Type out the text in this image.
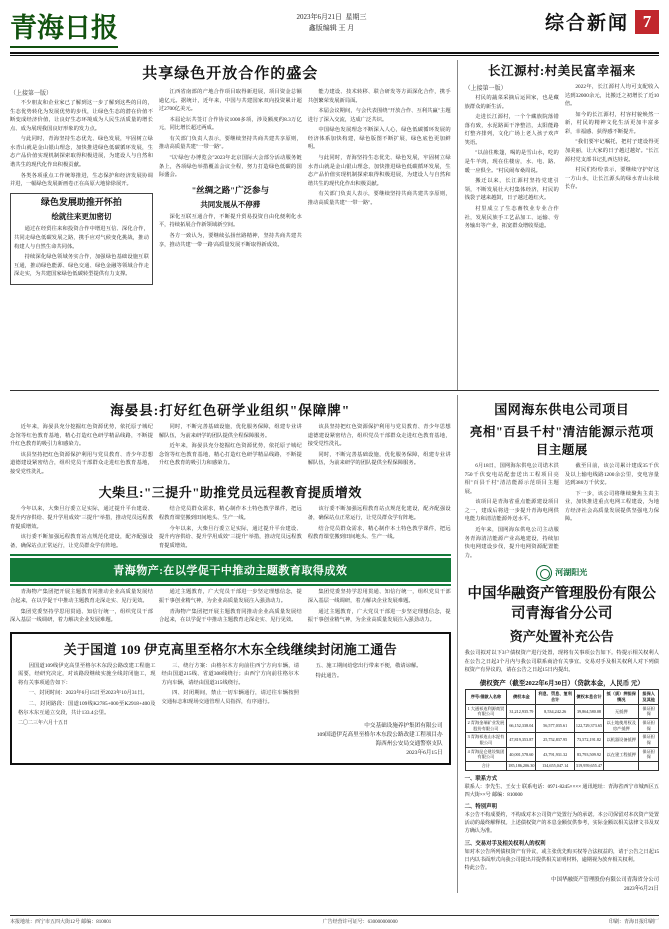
青海日报	2023年6月21日 星期三
鑫版编辑 王 月	综合新闻 7
共享绿色开放合作的盛会
（上接第一版）

不少朋友和企业家已了解到这一步了解到这些的目的，生态优势转化为发展优势的步伐，让绿色生态的潜在价值不断变成经济价值，让良好生态环境成为人民生活质量的增长点、成为展现我国良好形象的发力点。

与此同时，青海坚持生态优先、绿色发展，牢固树立绿水青山就是金山银山理念，加快推进绿色低碳循环发展，生态产品价值实现机制探索取得积极进展，为建设人与自然和谐共生的现代化作出积极贡献。

各类各项重点工作统筹推进，生态保护和经济发展协调并进，一幅绿色发展新画卷正在高原大地徐徐展开。

绿色发展助推开怀拍
绘就往来更加密切

通过在经贸往来和投资合作中增进互信、深化合作，共同走绿色低碳发展之路，携手应对气候变化挑战，推动构建人与自然生命共同体。

持续深化绿色领域务实合作，加强绿色基础设施互联互通，推动绿色能源、绿色交通、绿色金融等领域合作走深走实，为共建国家绿色低碳转型提供有力支撑。

江西省南部的产地合作项目取得新进展，项目资金总额逾亿元。据统计，近年来，中国与共建国家双向投资累计超过2700亿美元。

本届论坛共签订合作协议1000多项，涉及额度约8.3万亿元，同比增长超过两成。

有关部门负责人表示，要继续坚持共商共建共享原则，推动高质量共建"一带一路"。

"以'绿色'办博览会"2023年北京国际大会部分活动服务链条上，各项绿色举措覆盖会议全程，努力打造绿色低碳的国际盛会。

"丝绸之路"广泛参与
共同发展从不停滞

深化互联互通合作，不断提升贸易投资自由化便利化水平，持续拓展合作新领域新空间。

各方一致认为，要继续弘扬丝路精神，坚持共商共建共享，推动共建'一带一路'高质量发展不断取得新成效。

能力建设、技术转移、联合研发等方面深化合作，携手共创繁荣发展新局面。

本届会议期间，与会代表围绕"开放合作、互利共赢"主题进行了深入交流，达成广泛共识。

中国绿色发展理念不断深入人心，绿色低碳循环发展的经济体系加快构建，绿色版图不断扩展，绿色底色更加鲜明。

与此同时，青海坚持生态优先、绿色发展，牢固树立绿水青山就是金山银山理念，加快推进绿色低碳循环发展，生态产品价值实现机制探索取得积极进展，为建设人与自然和谐共生的现代化作出积极贡献。

有关部门负责人表示，要继续坚持共商共建共享原则，推动高质量共建"一带一路"。

长江源村:村美民富幸福来
（上接第一版）

村民的蔬菜采摘后运回家，也是藏族群众的新生活。

走进长江源村，一个个藏族院落错落有致，水泥路面干净整洁，太阳能路灯整齐排列，文化广场上老人孩子欢声笑语。

"以前住帐篷，喝的是雪山水，吃的是牛羊肉，现在住楼房，水、电、路、暖一应俱全。"村民闹布桑周说。

搬迁以来，长江源村坚持党建引领，不断发展壮大村集体经济，村民的钱袋子越来越鼓，日子越过越红火。

村里成立了生态畜牧业专业合作社，发展民族手工艺品加工、运输、劳务输出等产业，拓宽群众增收渠道。

2022年，长江源村人均可支配收入达到32000余元，比搬迁之初增长了近10倍。

如今的长江源村，村容村貌焕然一新，村民的精神文化生活更加丰富多彩，幸福感、获得感不断提升。

"我们要牢记嘱托，把村子建设得更加美丽，让大家的日子越过越好。"长江源村党支部书记扎西达娃说。

村民们纷纷表示，要继续守护好这一方山水，让长江源头的绿水青山永续长存。

海晏县:打好红色研学业组织"保障牌"

近年来，海晏县充分挖掘红色资源优势，依托原子城纪念馆等红色教育基地，精心打造红色研学精品线路，不断提升红色教育的吸引力和感染力。

该县坚持把红色资源保护利用与党员教育、青少年思想道德建设紧密结合，组织党员干部群众走进红色教育基地，接受党性洗礼。

同时，不断完善基础设施，优化服务保障，组建专业讲解队伍，为前来研学的团队提供全程保障服务。

近年来，海晏县充分挖掘红色资源优势，依托原子城纪念馆等红色教育基地，精心打造红色研学精品线路，不断提升红色教育的吸引力和感染力。

该县坚持把红色资源保护利用与党员教育、青少年思想道德建设紧密结合，组织党员干部群众走进红色教育基地，接受党性洗礼。

同时，不断完善基础设施，优化服务保障，组建专业讲解队伍，为前来研学的团队提供全程保障服务。

大柴旦:"三提升"助推党员远程教育提质增效

今年以来，大柴旦行委立足实际，通过提升平台建设、提升内容供给、提升学用成效"三提升"举措，推动党员远程教育提质增效。

该行委不断加强远程教育站点规范化建设，配齐配强设备，确保站点正常运行，让党员群众学有阵地。

结合党员群众需求，精心制作本土特色教学课件，把远程教育课堂搬到田间地头、生产一线。

今年以来，大柴旦行委立足实际，通过提升平台建设、提升内容供给、提升学用成效"三提升"举措，推动党员远程教育提质增效。

该行委不断加强远程教育站点规范化建设，配齐配强设备，确保站点正常运行，让党员群众学有阵地。

结合党员群众需求，精心制作本土特色教学课件，把远程教育课堂搬到田间地头、生产一线。

青海物产:在以学促干中推动主题教育取得成效

青海物产集团把开展主题教育同推动企业高质量发展结合起来，在以学促干中推动主题教育走深走实、见行见效。

集团党委坚持学思用贯通、知信行统一，组织党员干部深入基层一线调研，着力解决企业发展难题。

通过主题教育，广大党员干部进一步坚定理想信念，提振干事创业精气神，为企业高质量发展注入强劲动力。

青海物产集团把开展主题教育同推动企业高质量发展结合起来，在以学促干中推动主题教育走深走实、见行见效。

集团党委坚持学思用贯通、知信行统一，组织党员干部深入基层一线调研，着力解决企业发展难题。

通过主题教育，广大党员干部进一步坚定理想信念，提振干事创业精气神，为企业高质量发展注入强劲动力。

关于国道 109 伊克高里至格尔木东全线继续封闭施工通告

因国道109线伊克高里至格尔木东段公路改建工程施工需要，经研究决定，对该路段继续实施全线封闭施工，现将有关事项通告如下：

一、封闭时间：2023年6月15日至2023年10月31日。

二、封闭路段：国道109线K2785+000至K2918+400及格尔木东互通立交段，共计133.4公里。

三、绕行方案：由格尔木方向前往西宁方向车辆，请经由国道215线、省道308线绕行；由西宁方向前往格尔木方向车辆，请经由国道315线绕行。

四、封闭期间，禁止一切车辆通行，请过往车辆按照交通标志和现场交通管理人员指挥，有序通行。

五、施工期间给您出行带来不便，敬请谅解。

特此通告。

二〇二三年六月十五日	中交基础设施养护集团有限公司
109国道伊克高里至格尔木东段公路改建工程项目办
海西州公安局交通警察支队
2023年6月15日
国网海东供电公司项目
亮相"百县千村"清洁能源示范项目主题展

6月18日，国网海东供电公司诺木洪750千伏变电站配套送出工程项目亮相"百县千村"清洁能源示范项目主题展。

该项目是青海省重点能源建设项目之一，建成后将进一步提升青海电网供电能力和清洁能源外送水平。

近年来，国网海东供电公司主动服务青海清洁能源产业高地建设，持续加快电网建设步伐，提升电网资源配置能力。

截至目前，该公司累计建成35千伏及以上输电线路1200余公里，变电容量达到380万千伏安。

下一步，该公司将继续聚焦主责主业，加快推进重点电网工程建设，为地方经济社会高质量发展提供坚强电力保障。

河湖阳光
中国华融资产管理股份有限公司青海省分公司
资产处置补充公告
我公司拟对以下3户债权资产进行处置，现将有关事项公告如下。特提示相关权利人在公告之日起3个月内与我公司联系商洽有关事宜。交易对手及相关权利人对下列债权资产有异议的，请在公告之日起15日内提出。
债权资产（截至2022年6月30日）（贷款本金，人民币 元）
序号/借款人名称	债权本金	利息、罚息、复利合计	债权本息合计	抵（质）押担保情况	担保人及其他
1 大通祁连利源商贸有限公司	31,212,935.79	8,534,242.26	39,864,580.08	无抵押	保证担保
2 青海金瑞矿业发展股份有限公司	66,152,338.04	56,577,035.61	122,729,373.65	以土地使用权及房产抵押	保证担保
3 青海祁连山水泥有限公司	47,819,353.87	25,752,837.95	73,572,191.82	以机器设备抵押	保证担保
4 青海昆仑建设集团有限公司	40,001,578.60	43,791,931.32	83,793,509.92	以在建工程抵押	保证担保
合计	185,186,206.30	134,655,047.14	319,959,655.47		
一、联系方式
联系人：李先生、王女士 联系电话：0971-8245×××× 通讯地址：青海省西宁市城西区五四大街××号 邮编：810000
二、特别声明
本公告不构成要约，不构成对本公司资产处置行为的承诺。本公司保留对本次资产处置活动的最终解释权。上述债权资产的本息金额仅供参考，实际金额以相关法律文书及双方确认为准。
三、交易对手及相关权利人的权利
如对本公告所列债权资产有异议，或主张优先购买权等合法权益的，请于公告之日起15日内以书面形式向我公司提出并提供相关证明材料，逾期视为放弃相关权利。
特此公告。
中国华融资产管理股份有限公司青海省分公司
2023年6月21日
本报地址：西宁市五四大街12号 邮编：810001	广告经营许可证号：630000000000	印刷：青海日报印刷厂
